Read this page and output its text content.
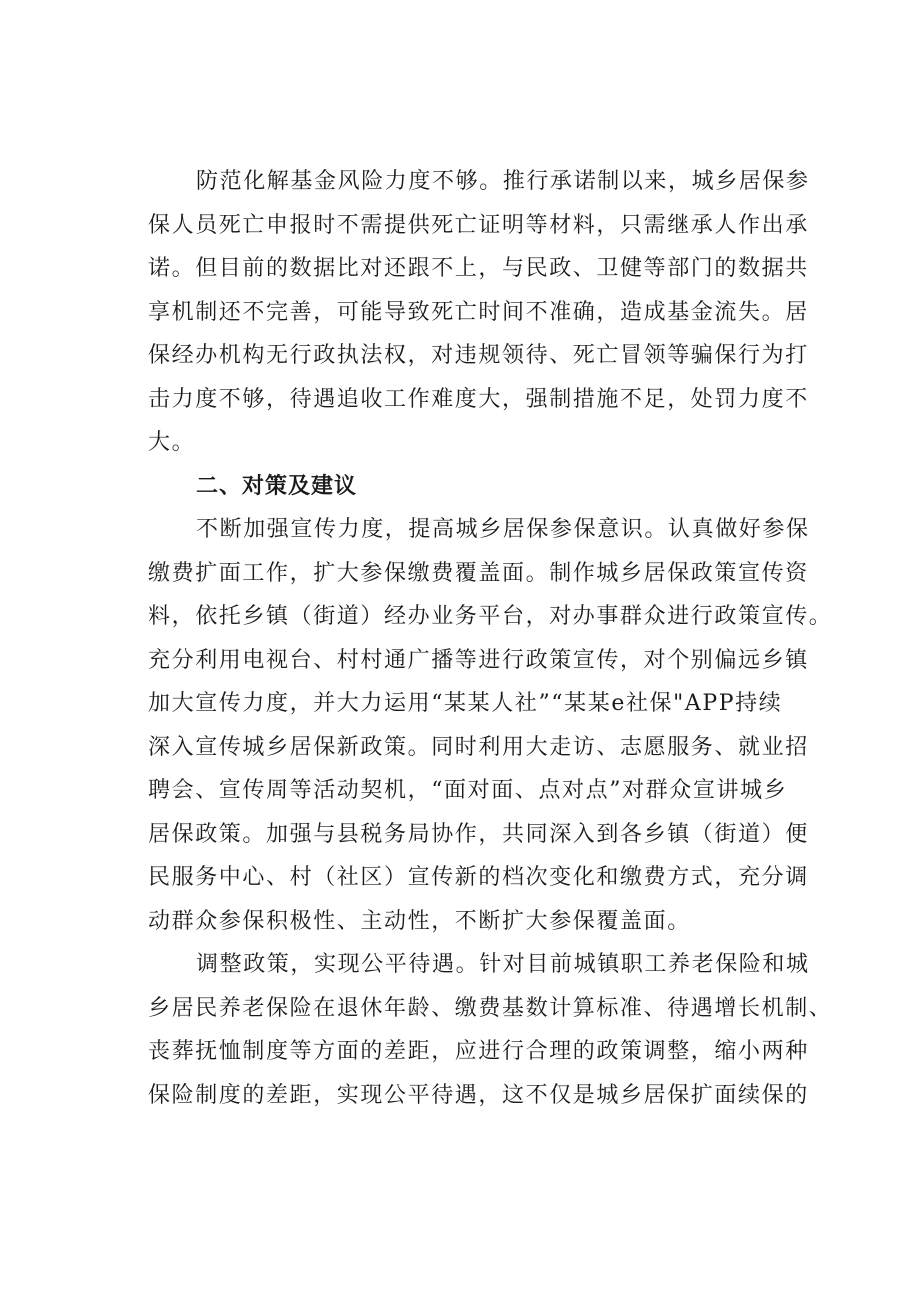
防范化解基金风险力度不够。推行承诺制以来，城乡居保参
保人员死亡申报时不需提供死亡证明等材料，只需继承人作出承
诺。但目前的数据比对还跟不上，与民政、卫健等部门的数据共
享机制还不完善，可能导致死亡时间不准确，造成基金流失。居
保经办机构无行政执法权，对违规领待、死亡冒领等骗保行为打
击力度不够，待遇追收工作难度大，强制措施不足，处罚力度不
大。
二、对策及建议
不断加强宣传力度，提高城乡居保参保意识。认真做好参保
缴费扩面工作，扩大参保缴费覆盖面。制作城乡居保政策宣传资
料，依托乡镇（街道）经办业务平台，对办事群众进行政策宣传。
充分利用电视台、村村通广播等进行政策宣传，对个别偏远乡镇
加大宣传力度，并大力运用“某某人社”“某某e社保"APP持续
深入宣传城乡居保新政策。同时利用大走访、志愿服务、就业招
聘会、宣传周等活动契机，“面对面、点对点”对群众宣讲城乡
居保政策。加强与县税务局协作，共同深入到各乡镇（街道）便
民服务中心、村（社区）宣传新的档次变化和缴费方式，充分调
动群众参保积极性、主动性，不断扩大参保覆盖面。
调整政策，实现公平待遇。针对目前城镇职工养老保险和城
乡居民养老保险在退休年龄、缴费基数计算标准、待遇增长机制、
丧葬抚恤制度等方面的差距，应进行合理的政策调整，缩小两种
保险制度的差距，实现公平待遇，这不仅是城乡居保扩面续保的
